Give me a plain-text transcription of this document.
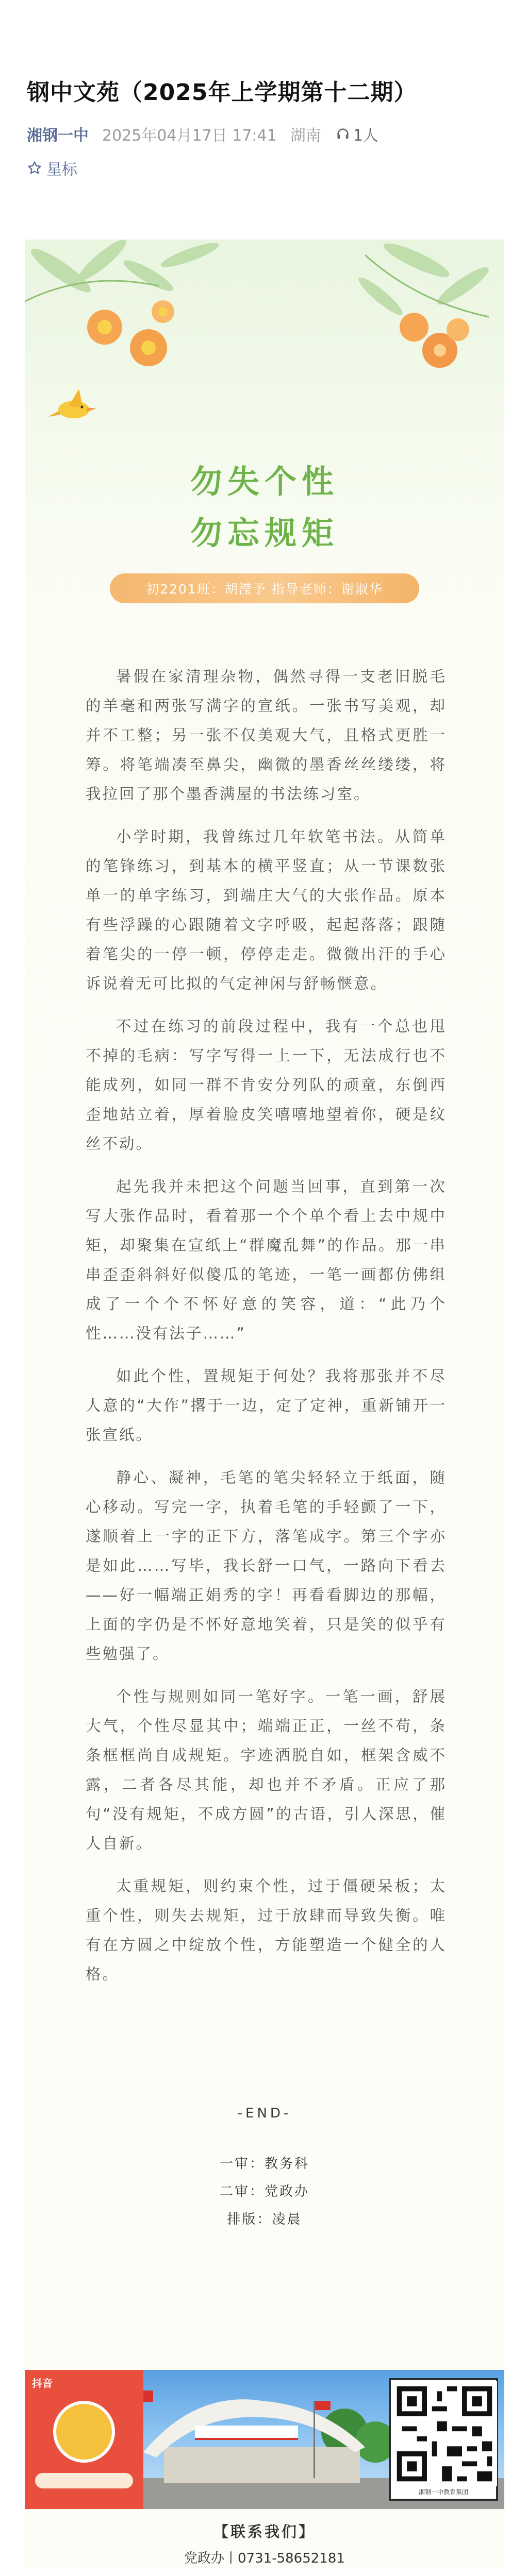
钢中文苑（2025年上学期第十二期）
湘钢一中 2025年04月17日 17:41 湖南 1人
星标
勿失个性
勿忘规矩
初2201班：胡滢予 指导老师：谢淑华

暑假在家清理杂物，偶然寻得一支老旧脱毛的羊毫和两张写满字的宣纸。一张书写美观，却并不工整；另一张不仅美观大气，且格式更胜一筹。将笔端凑至鼻尖，幽微的墨香丝丝缕缕，将我拉回了那个墨香满屋的书法练习室。

小学时期，我曾练过几年软笔书法。从简单的笔锋练习，到基本的横平竖直；从一节课数张单一的单字练习，到端庄大气的大张作品。原本有些浮躁的心跟随着文字呼吸，起起落落；跟随着笔尖的一停一顿，停停走走。微微出汗的手心诉说着无可比拟的气定神闲与舒畅惬意。

不过在练习的前段过程中，我有一个总也甩不掉的毛病：写字写得一上一下，无法成行也不能成列，如同一群不肯安分列队的顽童，东倒西歪地站立着，厚着脸皮笑嘻嘻地望着你，硬是纹丝不动。

起先我并未把这个问题当回事，直到第一次写大张作品时，看着那一个个单个看上去中规中矩，却聚集在宣纸上“群魔乱舞”的作品。那一串串歪歪斜斜好似傻瓜的笔迹，一笔一画都仿佛组成了一个个不怀好意的笑容，道：“此乃个性……没有法子……”

如此个性，置规矩于何处？我将那张并不尽人意的“大作”撂于一边，定了定神，重新铺开一张宣纸。

静心、凝神，毛笔的笔尖轻轻立于纸面，随心移动。写完一字，执着毛笔的手轻颤了一下，遂顺着上一字的正下方，落笔成字。第三个字亦是如此……写毕，我长舒一口气，一路向下看去——好一幅端正娟秀的字！再看看脚边的那幅，上面的字仍是不怀好意地笑着，只是笑的似乎有些勉强了。

个性与规则如同一笔好字。一笔一画，舒展大气，个性尽显其中；端端正正，一丝不苟，条条框框尚自成规矩。字迹洒脱自如，框架含威不露，二者各尽其能，却也并不矛盾。正应了那句“没有规矩，不成方圆”的古语，引人深思，催人自新。

太重规矩，则约束个性，过于僵硬呆板；太重个性，则失去规矩，过于放肆而导致失衡。唯有在方圆之中绽放个性，方能塑造一个健全的人格。

-END-
一审：教务科
二审：党政办
排版：凌晨
抖音
湘钢一中教育集团
【联系我们】
党政办丨0731-58652181
